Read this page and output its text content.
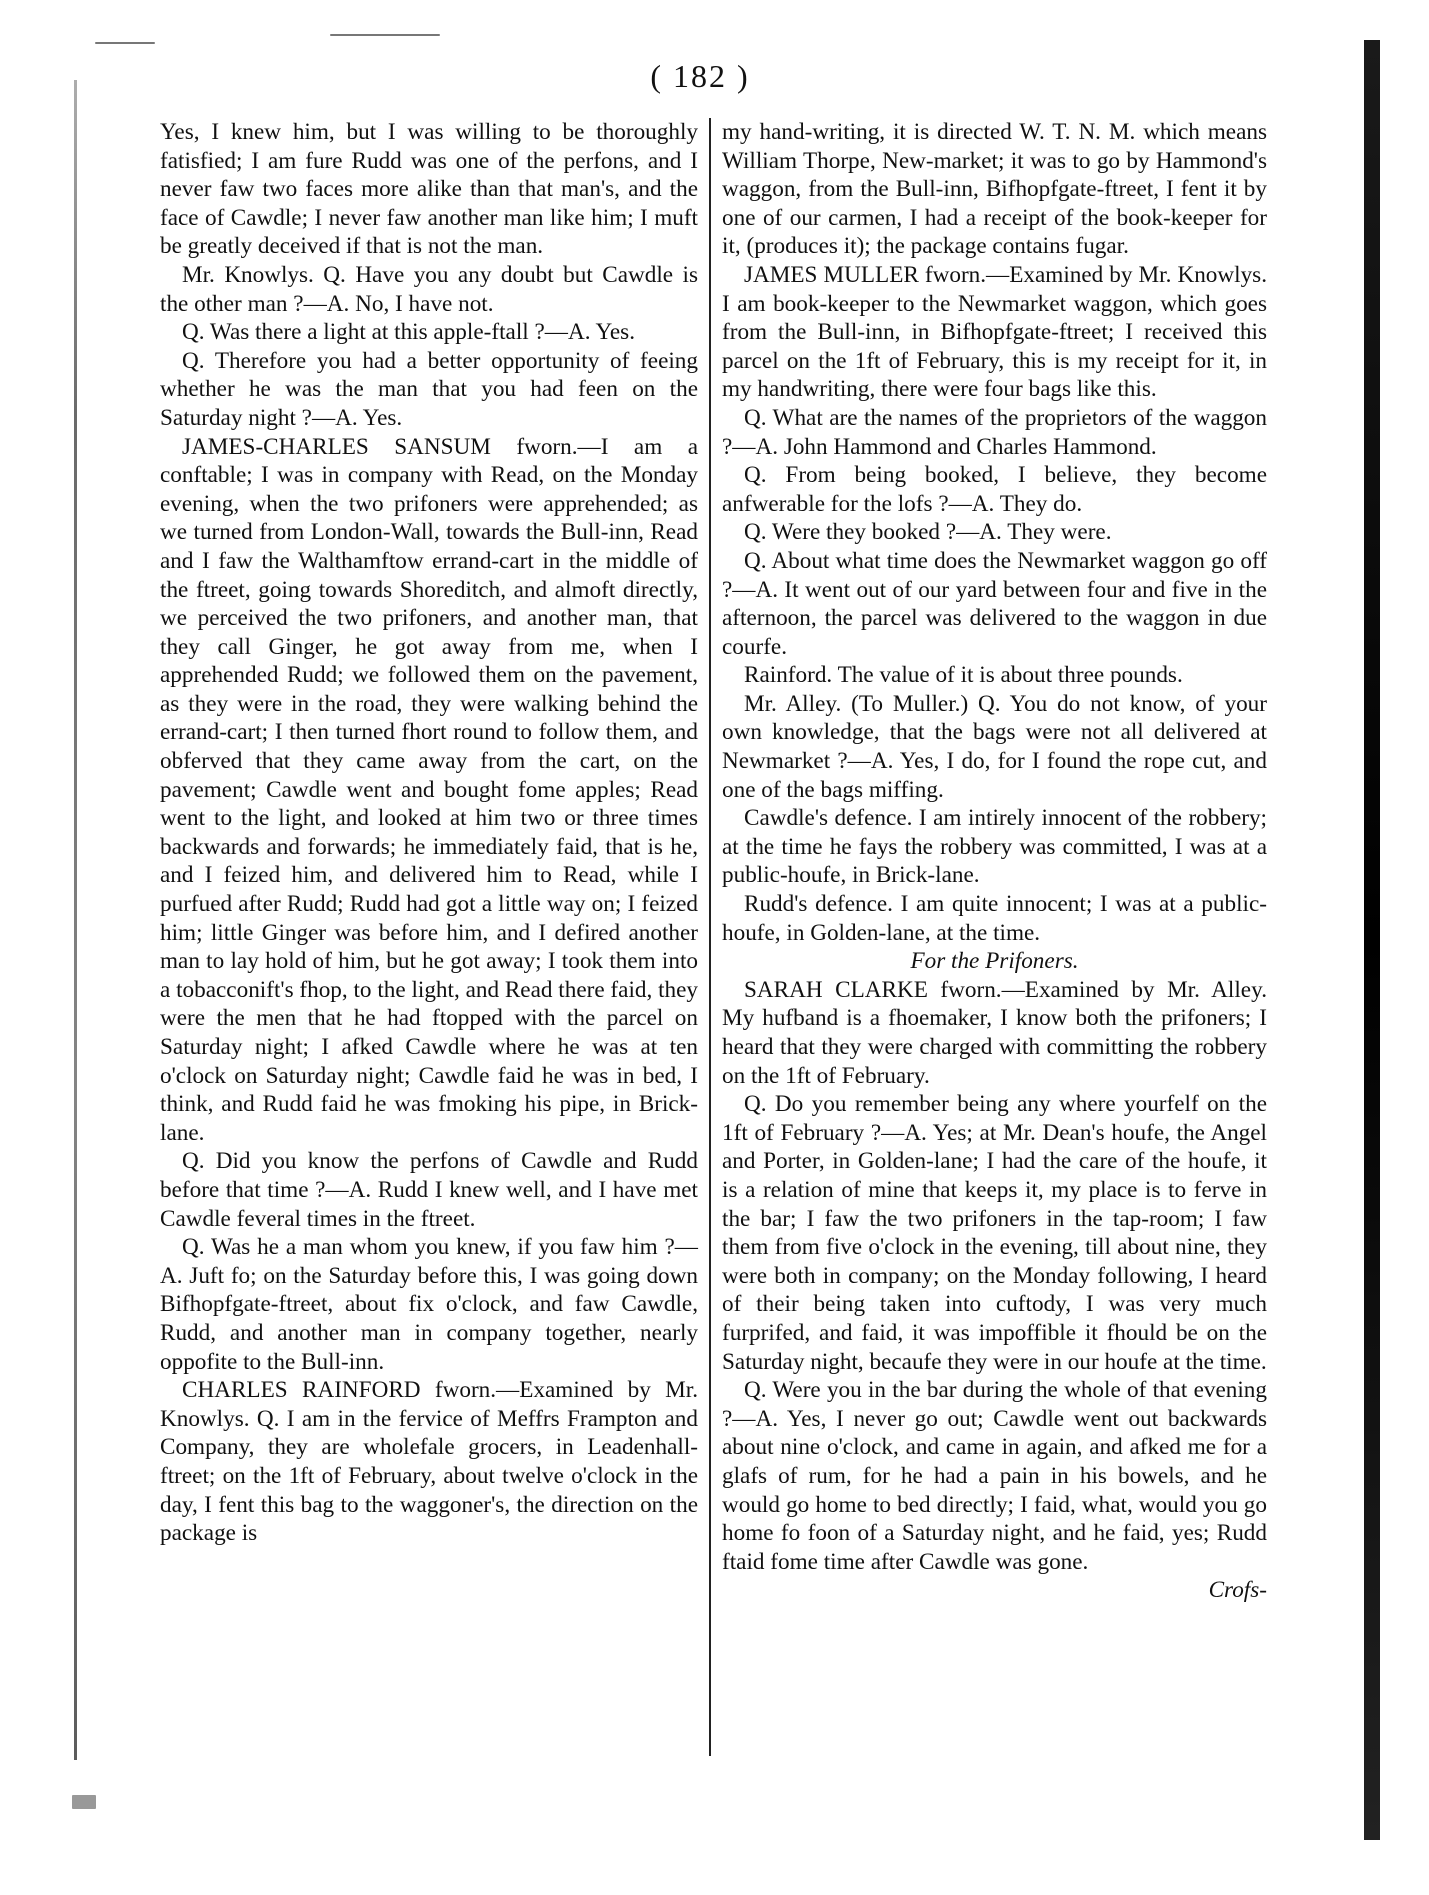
( 182 )

Yes, I knew him, but I was willing to be thoroughly fatisfied; I am fure Rudd was one of the perfons, and I never faw two faces more alike than that man's, and the face of Cawdle; I never faw another man like him; I muft be greatly deceived if that is not the man.

Mr. Knowlys. Q. Have you any doubt but Cawdle is the other man ?—A. No, I have not.

Q. Was there a light at this apple-ftall ?—A. Yes.

Q. Therefore you had a better opportunity of feeing whether he was the man that you had feen on the Saturday night ?—A. Yes.

JAMES-CHARLES SANSUM fworn.—I am a conftable; I was in company with Read, on the Monday evening, when the two prifoners were apprehended; as we turned from London-Wall, towards the Bull-inn, Read and I faw the Walthamftow errand-cart in the middle of the ftreet, going towards Shoreditch, and almoft directly, we perceived the two prifoners, and another man, that they call Ginger, he got away from me, when I apprehended Rudd; we followed them on the pavement, as they were in the road, they were walking behind the errand-cart; I then turned fhort round to follow them, and obferved that they came away from the cart, on the pavement; Cawdle went and bought fome apples; Read went to the light, and looked at him two or three times backwards and forwards; he immediately faid, that is he, and I feized him, and delivered him to Read, while I purfued after Rudd; Rudd had got a little way on; I feized him; little Ginger was before him, and I defired another man to lay hold of him, but he got away; I took them into a tobacconift's fhop, to the light, and Read there faid, they were the men that he had ftopped with the parcel on Saturday night; I afked Cawdle where he was at ten o'clock on Saturday night; Cawdle faid he was in bed, I think, and Rudd faid he was fmoking his pipe, in Brick-lane.

Q. Did you know the perfons of Cawdle and Rudd before that time ?—A. Rudd I knew well, and I have met Cawdle feveral times in the ftreet.

Q. Was he a man whom you knew, if you faw him ?—A. Juft fo; on the Saturday before this, I was going down Bifhopfgate-ftreet, about fix o'clock, and faw Cawdle, Rudd, and another man in company together, nearly oppofite to the Bull-inn.

CHARLES RAINFORD fworn.—Examined by Mr. Knowlys. Q. I am in the fervice of Meffrs Frampton and Company, they are wholefale grocers, in Leadenhall-ftreet; on the 1ft of February, about twelve o'clock in the day, I fent this bag to the waggoner's, the direction on the package is

my hand-writing, it is directed W. T. N. M. which means William Thorpe, New-market; it was to go by Hammond's waggon, from the Bull-inn, Bifhopfgate-ftreet, I fent it by one of our carmen, I had a receipt of the book-keeper for it, (produces it); the package contains fugar.

JAMES MULLER fworn.—Examined by Mr. Knowlys. I am book-keeper to the Newmarket waggon, which goes from the Bull-inn, in Bifhopfgate-ftreet; I received this parcel on the 1ft of February, this is my receipt for it, in my handwriting, there were four bags like this.

Q. What are the names of the proprietors of the waggon ?—A. John Hammond and Charles Hammond.

Q. From being booked, I believe, they become anfwerable for the lofs ?—A. They do.

Q. Were they booked ?—A. They were.

Q. About what time does the Newmarket waggon go off ?—A. It went out of our yard between four and five in the afternoon, the parcel was delivered to the waggon in due courfe.

Rainford. The value of it is about three pounds.

Mr. Alley. (To Muller.) Q. You do not know, of your own knowledge, that the bags were not all delivered at Newmarket ?—A. Yes, I do, for I found the rope cut, and one of the bags miffing.

Cawdle's defence. I am intirely innocent of the robbery; at the time he fays the robbery was committed, I was at a public-houfe, in Brick-lane.

Rudd's defence. I am quite innocent; I was at a public-houfe, in Golden-lane, at the time.

For the Prifoners.

SARAH CLARKE fworn.—Examined by Mr. Alley. My hufband is a fhoemaker, I know both the prifoners; I heard that they were charged with committing the robbery on the 1ft of February.

Q. Do you remember being any where yourfelf on the 1ft of February ?—A. Yes; at Mr. Dean's houfe, the Angel and Porter, in Golden-lane; I had the care of the houfe, it is a relation of mine that keeps it, my place is to ferve in the bar; I faw the two prifoners in the tap-room; I faw them from five o'clock in the evening, till about nine, they were both in company; on the Monday following, I heard of their being taken into cuftody, I was very much furprifed, and faid, it was impoffible it fhould be on the Saturday night, becaufe they were in our houfe at the time.

Q. Were you in the bar during the whole of that evening ?—A. Yes, I never go out; Cawdle went out backwards about nine o'clock, and came in again, and afked me for a glafs of rum, for he had a pain in his bowels, and he would go home to bed directly; I faid, what, would you go home fo foon of a Saturday night, and he faid, yes; Rudd ftaid fome time after Cawdle was gone.

Crofs-
